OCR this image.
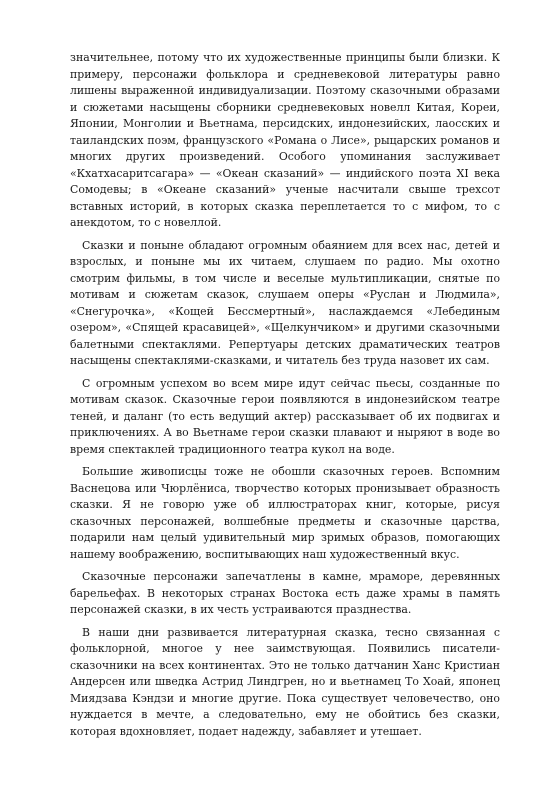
значительнее, потому что их художественные принципы были близки. К примеру, персонажи фольклора и средневековой литературы равно лишены выраженной индивидуализации. Поэтому сказочными образами и сюжетами насыщены сборники средневековых новелл Китая, Кореи, Японии, Монголии и Вьетнама, персидских, индонезийских, лаосских и таиландских поэм, французского «Романа о Лисе», рыцарских романов и многих других произведений. Особого упоминания заслуживает «Кхатхасаритсагара» — «Океан сказаний» — индийского поэта XI века Сомодевы; в «Океане сказаний» ученые насчитали свыше трехсот вставных историй, в которых сказка переплетается то с мифом, то с анекдотом, то с новеллой.

Сказки и поныне обладают огромным обаянием для всех нас, детей и взрослых, и поныне мы их читаем, слушаем по радио. Мы охотно смотрим фильмы, в том числе и веселые мультипликации, снятые по мотивам и сюжетам сказок, слушаем оперы «Руслан и Людмила», «Снегурочка», «Кощей Бессмертный», наслаждаемся «Лебединым озером», «Спящей красавицей», «Щелкунчиком» и другими сказочными балетными спектаклями. Репертуары детских драматических театров насыщены спектаклями-сказками, и читатель без труда назовет их сам.

С огромным успехом во всем мире идут сейчас пьесы, созданные по мотивам сказок. Сказочные герои появляются в индонезийском театре теней, и даланг (то есть ведущий актер) рассказывает об их подвигах и приключениях. А во Вьетнаме герои сказки плавают и ныряют в воде во время спектаклей традиционного театра кукол на воде.

Большие живописцы тоже не обошли сказочных героев. Вспомним Васнецова или Чюрлёниса, творчество которых пронизывает образность сказки. Я не говорю уже об иллюстраторах книг, которые, рисуя сказочных персонажей, волшебные предметы и сказочные царства, подарили нам целый удивительный мир зримых образов, помогающих нашему воображению, воспитывающих наш художественный вкус.

Сказочные персонажи запечатлены в камне, мраморе, деревянных барельефах. В некоторых странах Востока есть даже храмы в память персонажей сказки, в их честь устраиваются празднества.

В наши дни развивается литературная сказка, тесно связанная с фольклорной, многое у нее заимствующая. Появились писатели-сказочники на всех континентах. Это не только датчанин Ханс Кристиан Андерсен или шведка Астрид Линдгрен, но и вьетнамец То Хоай, японец Миядзава Кэндзи и многие другие. Пока существует человечество, оно нуждается в мечте, а следовательно, ему не обойтись без сказки, которая вдохновляет, подает надежду, забавляет и утешает.
